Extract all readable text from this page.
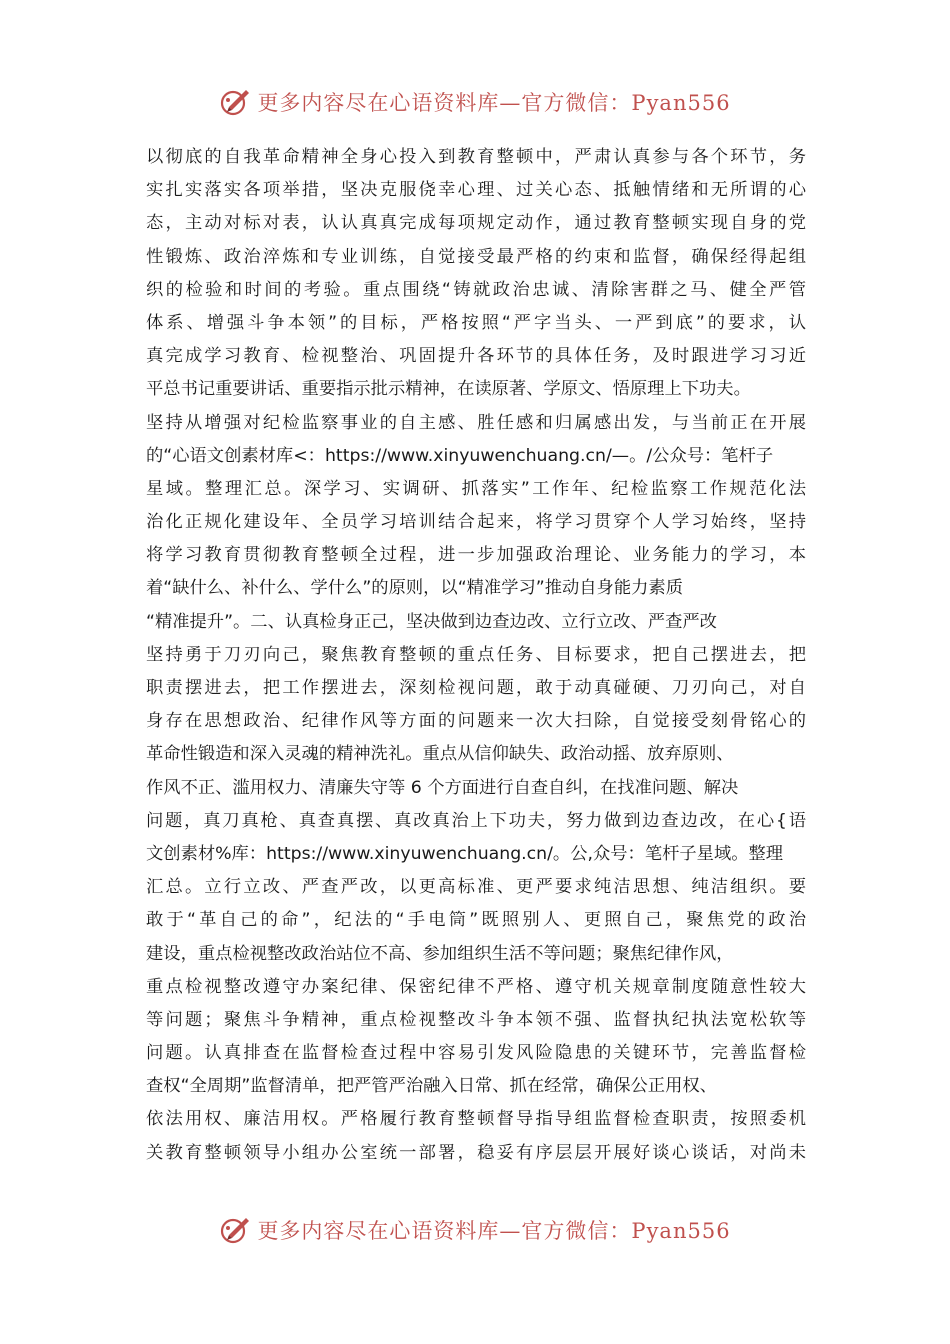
更多内容尽在心语资料库—官方微信：Pyan556
以彻底的自我革命精神全身心投入到教育整顿中，严肃认真参与各个环节，务
实扎实落实各项举措，坚决克服侥幸心理、过关心态、抵触情绪和无所谓的心
态，主动对标对表，认认真真完成每项规定动作，通过教育整顿实现自身的党
性锻炼、政治淬炼和专业训练，自觉接受最严格的约束和监督，确保经得起组
织的检验和时间的考验。重点围绕“铸就政治忠诚、清除害群之马、健全严管
体系、增强斗争本领”的目标，严格按照“严字当头、一严到底”的要求，认
真完成学习教育、检视整治、巩固提升各环节的具体任务，及时跟进学习习近
平总书记重要讲话、重要指示批示精神，在读原著、学原文、悟原理上下功夫。
坚持从增强对纪检监察事业的自主感、胜任感和归属感出发，与当前正在开展
的“心语文创素材库<：https://www.xinyuwenchuang.cn/—。/公众号：笔杆子
星域。整理汇总。深学习、实调研、抓落实”工作年、纪检监察工作规范化法
治化正规化建设年、全员学习培训结合起来，将学习贯穿个人学习始终，坚持
将学习教育贯彻教育整顿全过程，进一步加强政治理论、业务能力的学习，本
着“缺什么、补什么、学什么”的原则，以“精准学习”推动自身能力素质
“精准提升”。二、认真检身正己，坚决做到边查边改、立行立改、严查严改
坚持勇于刀刃向己，聚焦教育整顿的重点任务、目标要求，把自己摆进去，把
职责摆进去，把工作摆进去，深刻检视问题，敢于动真碰硬、刀刃向己，对自
身存在思想政治、纪律作风等方面的问题来一次大扫除，自觉接受刻骨铭心的
革命性锻造和深入灵魂的精神洗礼。重点从信仰缺失、政治动摇、放弃原则、
作风不正、滥用权力、清廉失守等 6 个方面进行自查自纠，在找准问题、解决
问题，真刀真枪、真查真摆、真改真治上下功夫，努力做到边查边改，在心{语
文创素材%库：https://www.xinyuwenchuang.cn/。公,众号：笔杆子星域。整理
汇总。立行立改、严查严改，以更高标准、更严要求纯洁思想、纯洁组织。要
敢于“革自己的命”，纪法的“手电筒”既照别人、更照自己，聚焦党的政治
建设，重点检视整改政治站位不高、参加组织生活不等问题；聚焦纪律作风，
重点检视整改遵守办案纪律、保密纪律不严格、遵守机关规章制度随意性较大
等问题；聚焦斗争精神，重点检视整改斗争本领不强、监督执纪执法宽松软等
问题。认真排查在监督检查过程中容易引发风险隐患的关键环节，完善监督检
查权“全周期”监督清单，把严管严治融入日常、抓在经常，确保公正用权、
依法用权、廉洁用权。严格履行教育整顿督导指导组监督检查职责，按照委机
关教育整顿领导小组办公室统一部署，稳妥有序层层开展好谈心谈话，对尚未
更多内容尽在心语资料库—官方微信：Pyan556
